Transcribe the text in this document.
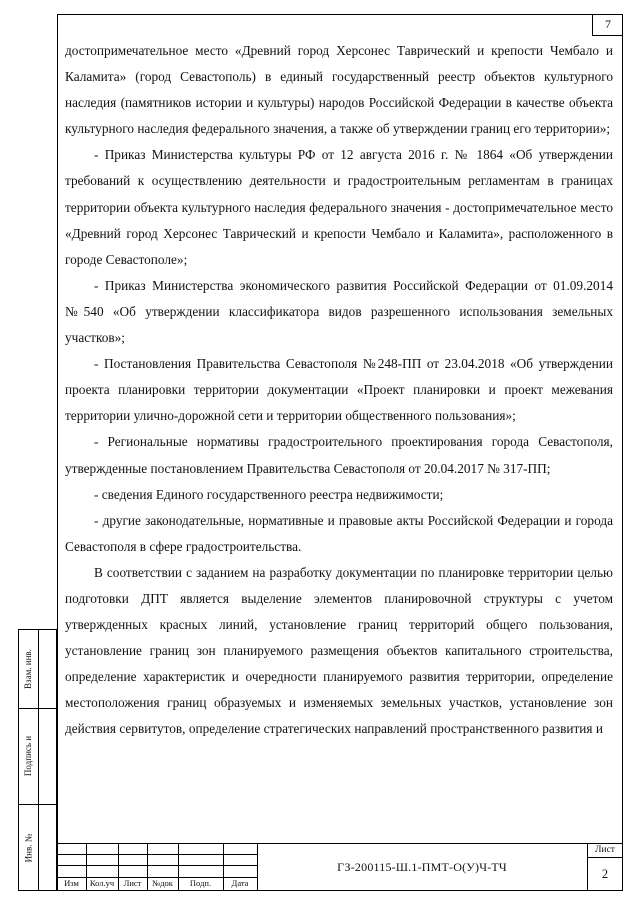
7

достопримечательное место «Древний город Херсонес Таврический и крепости Чембало и Каламита» (город Севастополь) в единый государственный реестр объектов культурного наследия (памятников истории и культуры) народов Российской Федерации в качестве объекта культурного наследия федерального значения, а также об утверждении границ его территории»;

- Приказ Министерства культуры РФ от 12 августа 2016 г. № 1864 «Об утверждении требований к осуществлению деятельности и градостроительным регламентам в границах территории объекта культурного наследия федерального значения - достопримечательное место «Древний город Херсонес Таврический и крепости Чембало и Каламита», расположенного в городе Севастополе»;

- Приказ Министерства экономического развития Российской Федерации от 01.09.2014 №540 «Об утверждении классификатора видов разрешенного использования земельных участков»;

- Постановления Правительства Севастополя №248-ПП от 23.04.2018 «Об утверждении проекта планировки территории документации «Проект планировки и проект межевания территории улично-дорожной сети и территории общественного пользования»;

- Региональные нормативы градостроительного проектирования города Севастополя, утвержденные постановлением Правительства Севастополя от 20.04.2017 № 317-ПП;

- сведения Единого государственного реестра недвижимости;

- другие законодательные, нормативные и правовые акты Российской Федерации и города Севастополя в сфере градостроительства.

В соответствии с заданием на разработку документации по планировке территории целью подготовки ДПТ является выделение элементов планировочной структуры с учетом утвержденных красных линий, установление границ территорий общего пользования, установление границ зон планируемого размещения объектов капитального строительства, определение характеристик и очередности планируемого развития территории, определение местоположения границ образуемых и изменяемых земельных участков, установление зон действия сервитутов, определение стратегических направлений пространственного развития и

Взам. инв.
Подпись и
Инв. №
Изм	Кол.уч	Лист	№док	Подп.	Дата
ГЗ-200115-Ш.1-ПМТ-О(У)Ч-ТЧ
Лист
2
